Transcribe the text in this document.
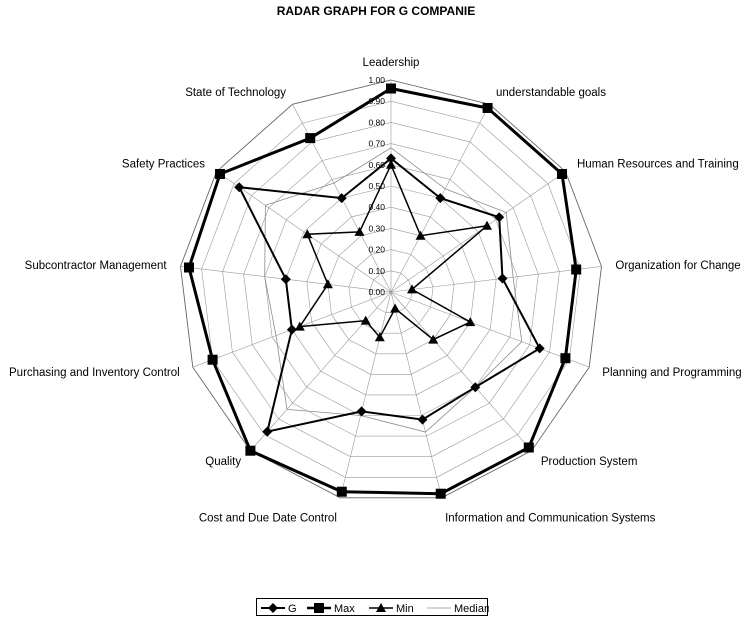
RADAR GRAPH FOR G COMPANIE
0.00
0.10
0.20
0.30
0.40
0.50
0.60
0.70
0.80
0.90
1.00
Leadership
understandable goals
Human Resources and Training
Organization for Change
Planning and Programming
Production System
Information and Communication Systems
Cost and Due Date Control
Quality
Purchasing and Inventory Control
Subcontractor Management
Safety Practices
State of Technology
G	Max	Min	Median
